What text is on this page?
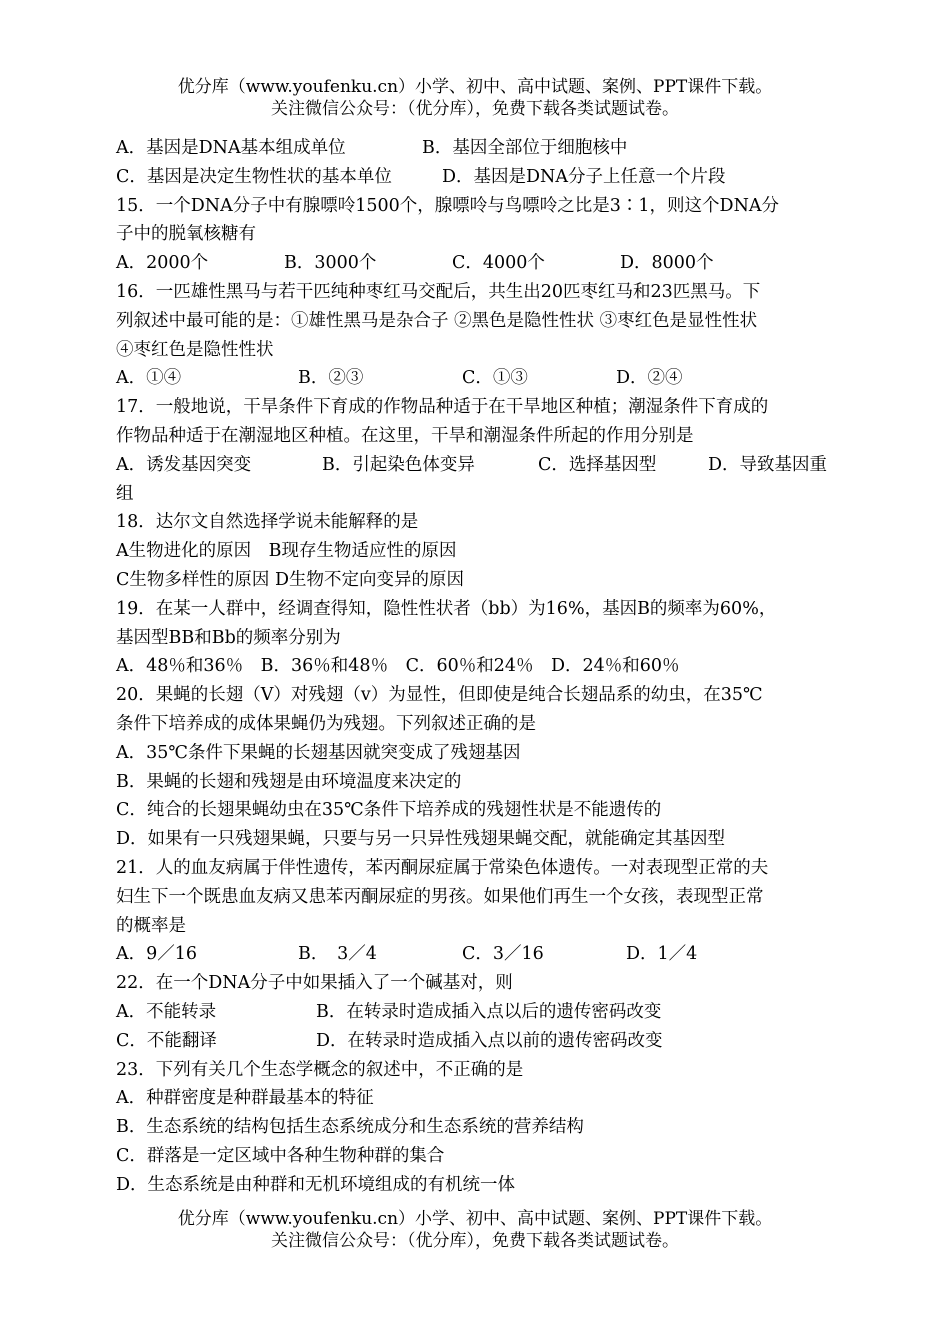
优分库（www.youfenku.cn）小学、初中、高中试题、案例、PPT课件下载。
关注微信公众号：（优分库），免费下载各类试题试卷。
A．基因是DNA基本组成单位	B．基因全部位于细胞核中
C．基因是决定生物性状的基本单位	D．基因是DNA分子上任意一个片段
15．一个DNA分子中有腺嘌呤1500个，腺嘌呤与鸟嘌呤之比是3∶1，则这个DNA分
子中的脱氧核糖有
A．2000个	B．3000个	C．4000个	D．8000个
16．一匹雄性黑马与若干匹纯种枣红马交配后，共生出20匹枣红马和23匹黑马。下
列叙述中最可能的是：①雄性黑马是杂合子 ②黑色是隐性性状 ③枣红色是显性性状
④枣红色是隐性性状
A．①④	B．②③	C．①③	D．②④
17．一般地说，干旱条件下育成的作物品种适于在干旱地区种植；潮湿条件下育成的
作物品种适于在潮湿地区种植。在这里，干旱和潮湿条件所起的作用分别是
A．诱发基因突变	B．引起染色体变异	C．选择基因型	D．导致基因重
组
18．达尔文自然选择学说未能解释的是
A生物进化的原因　B现存生物适应性的原因
C生物多样性的原因 D生物不定向变异的原因
19．在某一人群中，经调查得知，隐性性状者（bb）为16%，基因B的频率为60%，
基因型BB和Bb的频率分别为
A．48％和36％　B．36％和48％　C．60％和24％　D．24％和60％
20．果蝇的长翅（V）对残翅（v）为显性，但即使是纯合长翅品系的幼虫，在35℃
条件下培养成的成体果蝇仍为残翅。下列叙述正确的是
A．35℃条件下果蝇的长翅基因就突变成了残翅基因
B．果蝇的长翅和残翅是由环境温度来决定的
C．纯合的长翅果蝇幼虫在35℃条件下培养成的残翅性状是不能遗传的
D．如果有一只残翅果蝇，只要与另一只异性残翅果蝇交配，就能确定其基因型
21．人的血友病属于伴性遗传，苯丙酮尿症属于常染色体遗传。一对表现型正常的夫
妇生下一个既患血友病又患苯丙酮尿症的男孩。如果他们再生一个女孩，表现型正常
的概率是
A．9／16	B．　3／4	C．3／16	D．1／4
22．在一个DNA分子中如果插入了一个碱基对，则
A．不能转录	B．在转录时造成插入点以后的遗传密码改变
C．不能翻译	D．在转录时造成插入点以前的遗传密码改变
23．下列有关几个生态学概念的叙述中，不正确的是
A．种群密度是种群最基本的特征
B．生态系统的结构包括生态系统成分和生态系统的营养结构
C．群落是一定区域中各种生物种群的集合
D．生态系统是由种群和无机环境组成的有机统一体
优分库（www.youfenku.cn）小学、初中、高中试题、案例、PPT课件下载。
关注微信公众号：（优分库），免费下载各类试题试卷。
